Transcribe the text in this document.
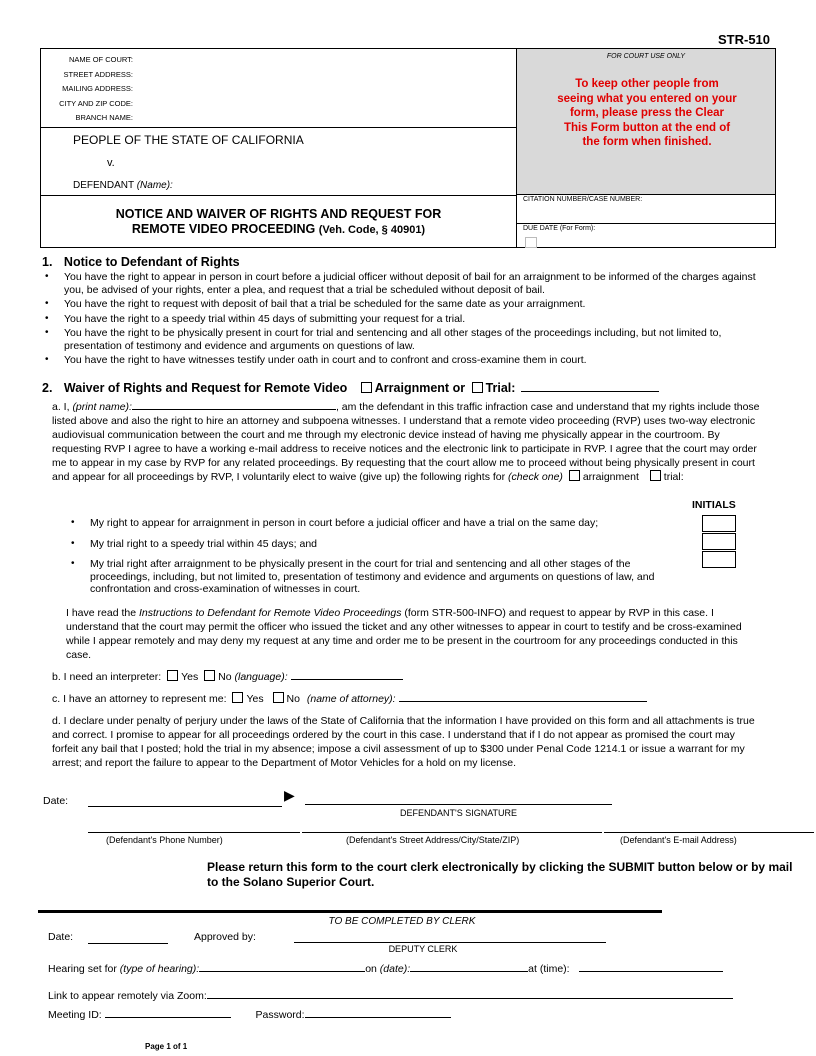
STR-510
NAME OF COURT:
STREET ADDRESS:
MAILING ADDRESS:
CITY AND ZIP CODE:
BRANCH NAME:
PEOPLE OF THE STATE OF CALIFORNIA
v.
DEFENDANT (Name):
NOTICE AND WAIVER OF RIGHTS AND REQUEST FOR
REMOTE VIDEO PROCEEDING (Veh. Code, § 40901)
FOR COURT USE ONLY
To keep other people from seeing what you entered on your form, please press the Clear This Form button at the end of the form when finished.
CITATION NUMBER/CASE NUMBER:
DUE DATE (For Form):
1. Notice to Defendant of Rights
• You have the right to appear in person in court before a judicial officer without deposit of bail for an arraignment to be informed of the charges against you, be advised of your rights, enter a plea, and request that a trial be scheduled without deposit of bail.
• You have the right to request with deposit of bail that a trial be scheduled for the same date as your arraignment.
• You have the right to a speedy trial within 45 days of submitting your request for a trial.
• You have the right to be physically present in court for trial and sentencing and all other stages of the proceedings including, but not limited to, presentation of testimony and evidence and arguments on questions of law.
• You have the right to have witnesses testify under oath in court and to confront and cross-examine them in court.
2. Waiver of Rights and Request for Remote Video Arraignment or Trial:
a. I, (print name):	, am the defendant in this traffic infraction case and understand that my rights include those listed above and also the right to hire an attorney and subpoena witnesses. I understand that a remote video proceeding (RVP) uses two-way electronic audiovisual communication between the court and me through my electronic device instead of having me physically appear in the courtroom. By requesting RVP I agree to have a working e-mail address to receive notices and the electronic link to participate in RVP. I agree that the court may order me to appear in my case by RVP for any related proceedings. By requesting that the court allow me to proceed without being physically present in court and appear for all proceedings by RVP, I voluntarily elect to waive (give up) the following rights for (check one) arraignment trial:
INITIALS
• My right to appear for arraignment in person in court before a judicial officer and have a trial on the same day;
• My trial right to a speedy trial within 45 days; and
• My trial right after arraignment to be physically present in the court for trial and sentencing and all other stages of the proceedings, including, but not limited to, presentation of testimony and evidence and arguments on questions of law, and confrontation and cross-examination of witnesses in court.
I have read the Instructions to Defendant for Remote Video Proceedings (form STR-500-INFO) and request to appear by RVP in this case. I understand that the court may permit the officer who issued the ticket and any other witnesses to appear in court to testify and be cross-examined while I appear remotely and may deny my request at any time and order me to be present in the courtroom for any proceedings conducted in this case.
b. I need an interpreter: Yes No (language):
c. I have an attorney to represent me: Yes No (name of attorney):
d. I declare under penalty of perjury under the laws of the State of California that the information I have provided on this form and all attachments is true and correct. I promise to appear for all proceedings ordered by the court in this case. I understand that if I do not appear as promised the court may forfeit any bail that I posted; hold the trial in my absence; impose a civil assessment of up to $300 under Penal Code 1214.1 or issue a warrant for my arrest; and report the failure to appear to the Department of Motor Vehicles for a hold on my license.
Date:	▶
DEFENDANT'S SIGNATURE
(Defendant's Phone Number)	(Defendant's Street Address/City/State/ZIP)	(Defendant's E-mail Address)
Please return this form to the court clerk electronically by clicking the SUBMIT button below or by mail to the Solano Superior Court.
TO BE COMPLETED BY CLERK
Date:	Approved by:
DEPUTY CLERK
Hearing set for (type of hearing):	on (date):	at (time):
Link to appear remotely via Zoom:
Meeting ID:	Password:
Page 1 of 1
